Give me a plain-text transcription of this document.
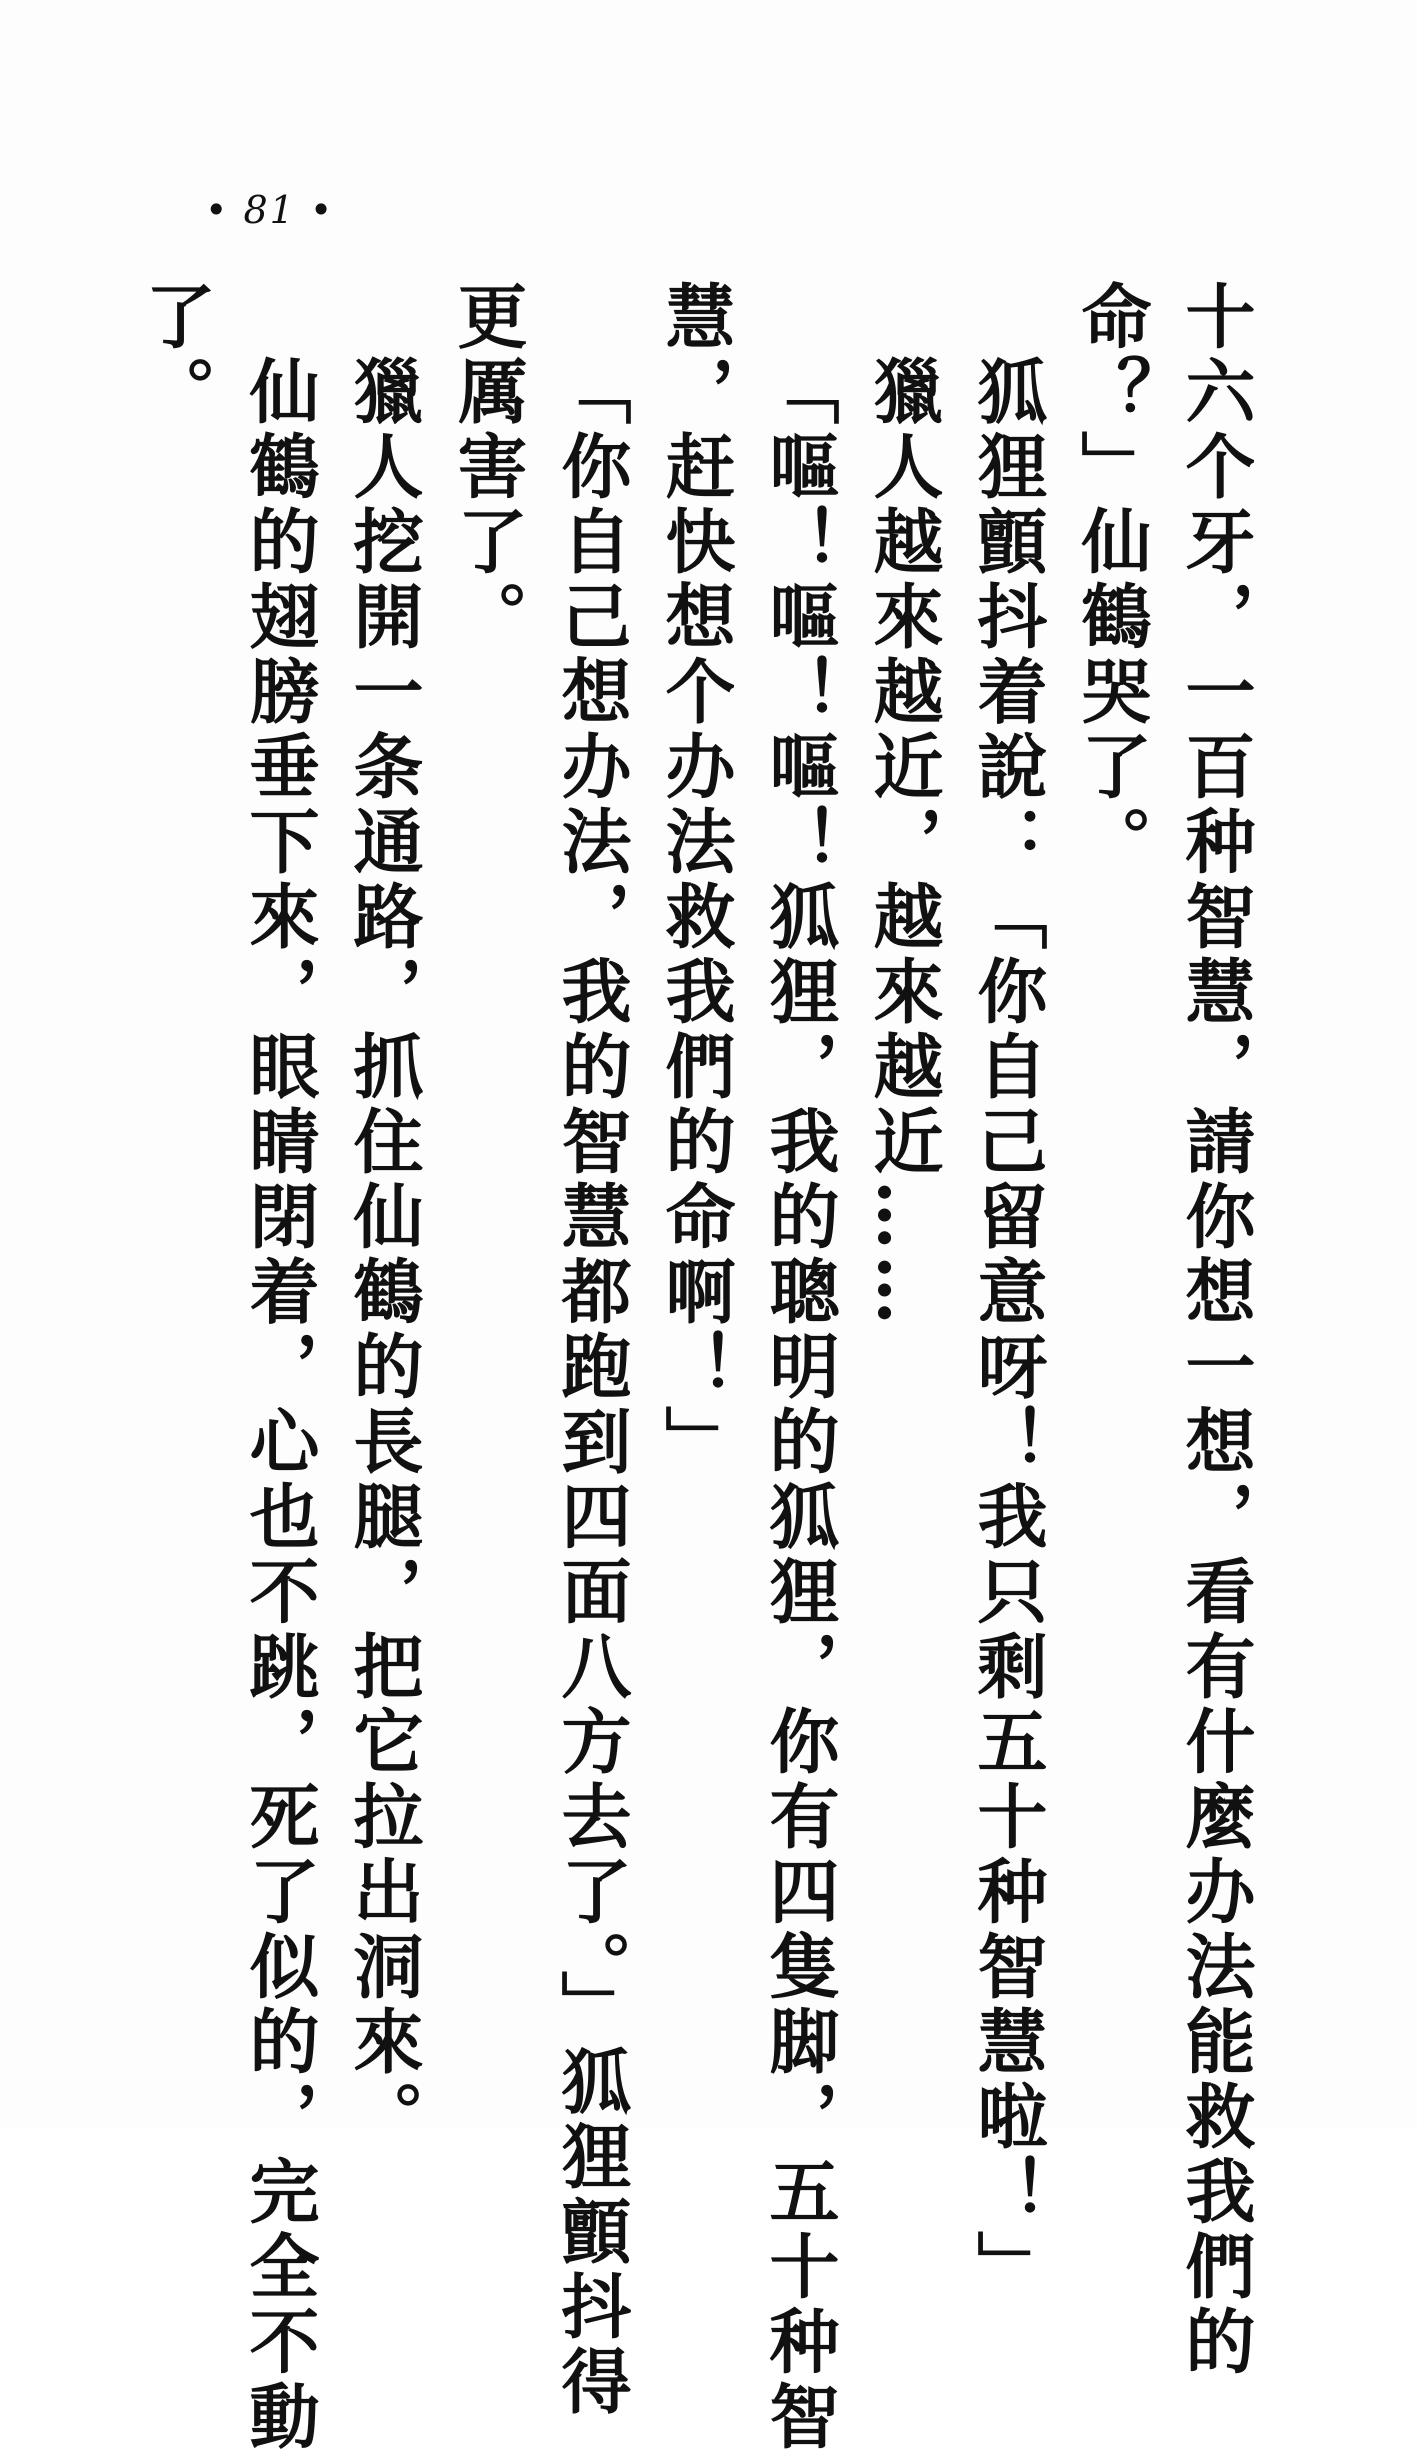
• 81 •

十六个牙，一百种智慧，請你想一想，看有什麼办法能救我們的

命？」仙鶴哭了。

狐狸顫抖着說：「你自己留意呀！我只剩五十种智慧啦！」

獵人越來越近，越來越近……

「嘔！嘔！嘔！狐狸，我的聰明的狐狸，你有四隻脚，五十种智

慧，赶快想个办法救我們的命啊！」

「你自己想办法，我的智慧都跑到四面八方去了。」狐狸顫抖得

更厲害了。

獵人挖開一条通路，抓住仙鶴的長腿，把它拉出洞來。

仙鶴的翅膀垂下來，眼睛閉着，心也不跳，死了似的，完全不動

了。
